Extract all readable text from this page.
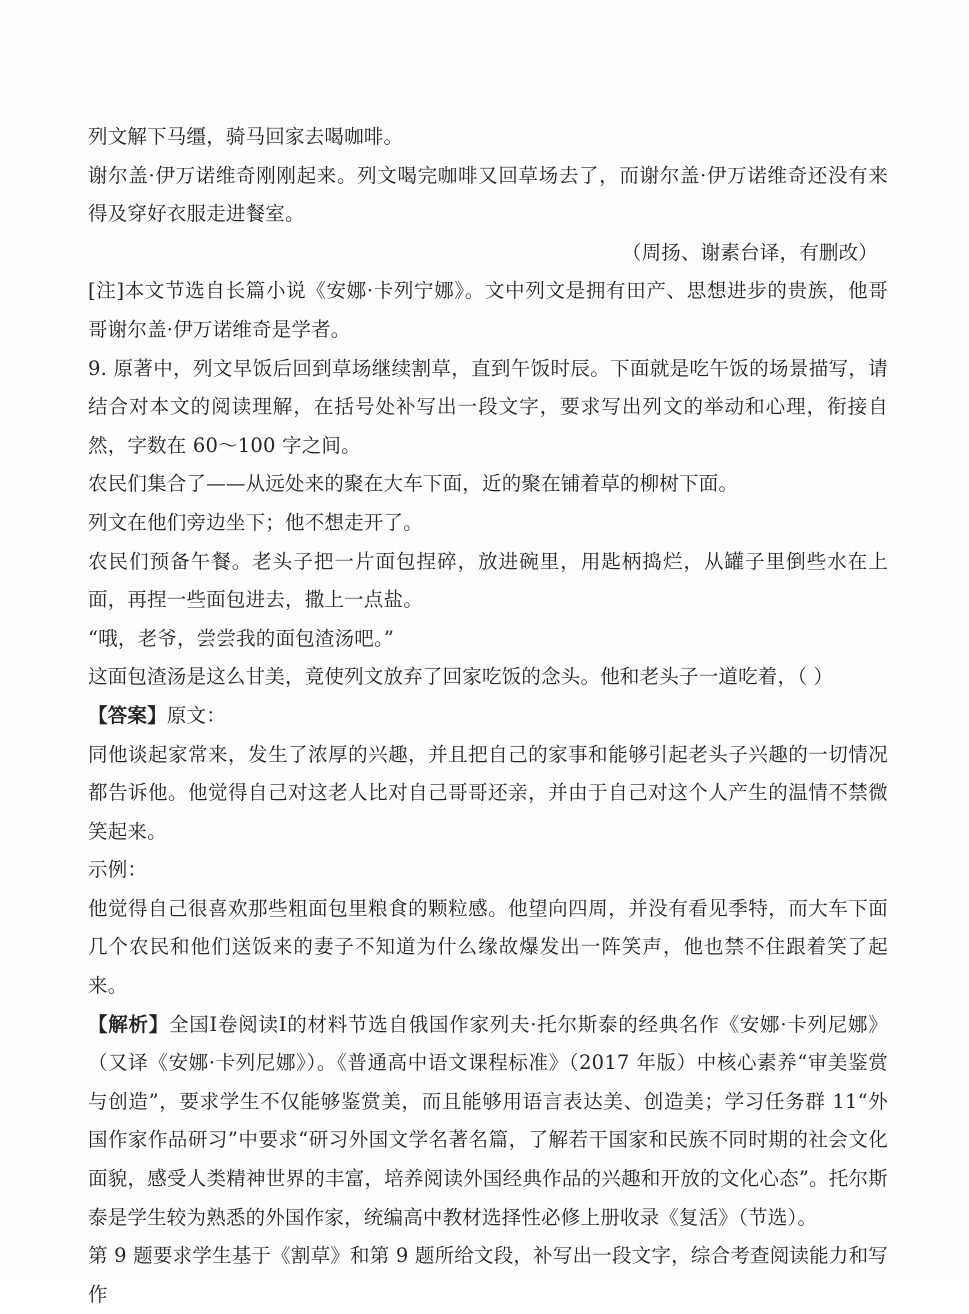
列文解下马缰，骑马回家去喝咖啡。

谢尔盖·伊万诺维奇刚刚起来。列文喝完咖啡又回草场去了，而谢尔盖·伊万诺维奇还没有来得及穿好衣服走进餐室。

（周扬、谢素台译，有删改）

[注]本文节选自长篇小说《安娜·卡列宁娜》。文中列文是拥有田产、思想进步的贵族，他哥哥谢尔盖·伊万诺维奇是学者。

9. 原著中，列文早饭后回到草场继续割草，直到午饭时辰。下面就是吃午饭的场景描写，请结合对本文的阅读理解，在括号处补写出一段文字，要求写出列文的举动和心理，衔接自然，字数在 60～100 字之间。

农民们集合了——从远处来的聚在大车下面，近的聚在铺着草的柳树下面。

列文在他们旁边坐下；他不想走开了。

农民们预备午餐。老头子把一片面包捏碎，放进碗里，用匙柄捣烂，从罐子里倒些水在上面，再捏一些面包进去，撒上一点盐。

“哦，老爷，尝尝我的面包渣汤吧。”

这面包渣汤是这么甘美，竟使列文放弃了回家吃饭的念头。他和老头子一道吃着，（ ）

【答案】原文：

同他谈起家常来，发生了浓厚的兴趣，并且把自己的家事和能够引起老头子兴趣的一切情况都告诉他。他觉得自己对这老人比对自己哥哥还亲，并由于自己对这个人产生的温情不禁微笑起来。

示例：

他觉得自己很喜欢那些粗面包里粮食的颗粒感。他望向四周，并没有看见季特，而大车下面几个农民和他们送饭来的妻子不知道为什么缘故爆发出一阵笑声，他也禁不住跟着笑了起来。

【解析】全国Ⅰ卷阅读Ⅰ的材料节选自俄国作家列夫·托尔斯泰的经典名作《安娜·卡列尼娜》（又译《安娜·卡列尼娜》）。《普通高中语文课程标准》（2017 年版）中核心素养“审美鉴赏与创造”，要求学生不仅能够鉴赏美，而且能够用语言表达美、创造美；学习任务群 11“外国作家作品研习”中要求“研习外国文学名著名篇，了解若干国家和民族不同时期的社会文化面貌，感受人类精神世界的丰富，培养阅读外国经典作品的兴趣和开放的文化心态”。托尔斯泰是学生较为熟悉的外国作家，统编高中教材选择性必修上册收录《复活》（节选）。

第 9 题要求学生基于《割草》和第 9 题所给文段，补写出一段文字，综合考查阅读能力和写作
